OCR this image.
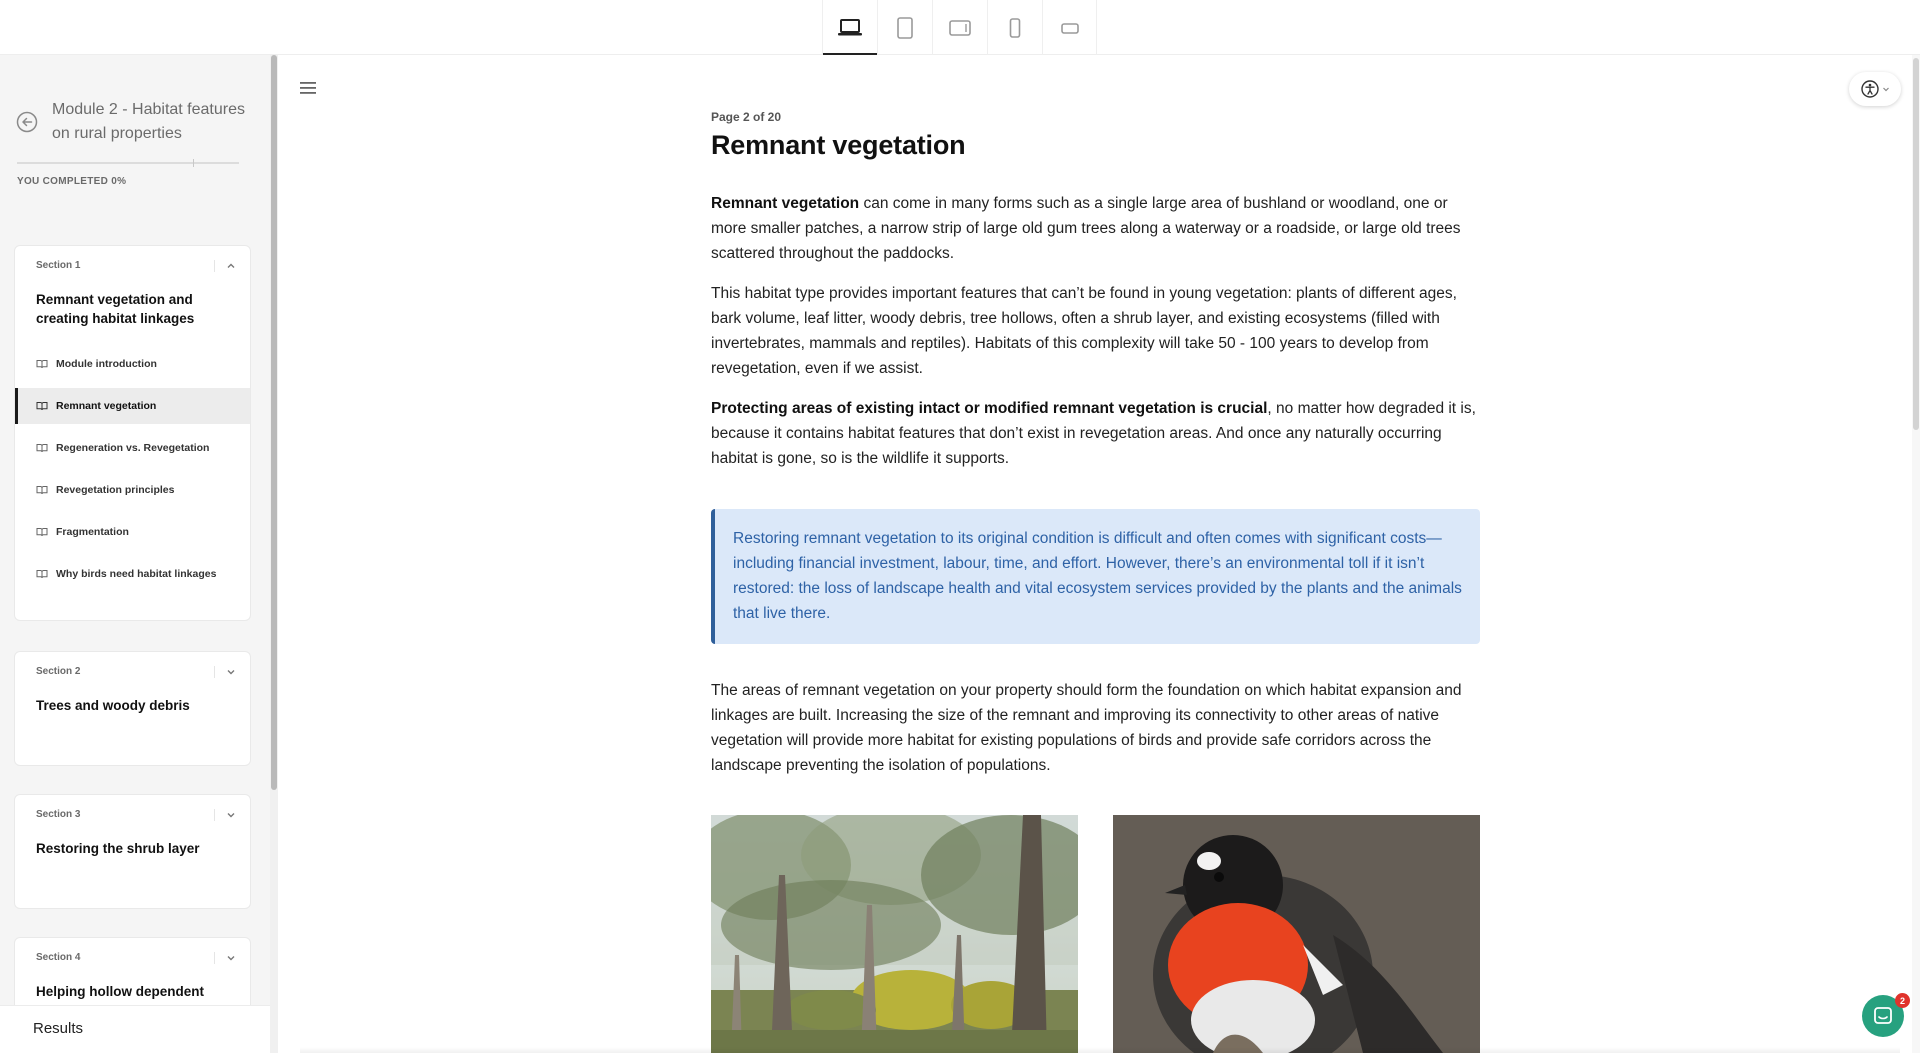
Module 2 - Habitat features on rural properties
YOU COMPLETED 0%
Section 1
Remnant vegetation and creating habitat linkages
Module introduction
Remnant vegetation
Regeneration vs. Revegetation
Revegetation principles
Fragmentation
Why birds need habitat linkages
Section 2
Trees and woody debris
Section 3
Restoring the shrub layer
Section 4
Helping hollow dependent
Results
Page 2 of 20
Remnant vegetation

Remnant vegetation can come in many forms such as a single large area of bushland or woodland, one or more smaller patches, a narrow strip of large old gum trees along a waterway or a roadside, or large old trees scattered throughout the paddocks.

This habitat type provides important features that can’t be found in young vegetation: plants of different ages, bark volume, leaf litter, woody debris, tree hollows, often a shrub layer, and existing ecosystems (filled with invertebrates, mammals and reptiles). Habitats of this complexity will take 50 - 100 years to develop from revegetation, even if we assist.

Protecting areas of existing intact or modified remnant vegetation is crucial, no matter how degraded it is, because it contains habitat features that don’t exist in revegetation areas. And once any naturally occurring habitat is gone, so is the wildlife it supports.

Restoring remnant vegetation to its original condition is difficult and often comes with significant costs—including financial investment, labour, time, and effort. However, there’s an environmental toll if it isn’t restored: the loss of landscape health and vital ecosystem services provided by the plants and the animals that live there.

The areas of remnant vegetation on your property should form the foundation on which habitat expansion and linkages are built. Increasing the size of the remnant and improving its connectivity to other areas of native vegetation will provide more habitat for existing populations of birds and provide safe corridors across the landscape preventing the isolation of populations.

2
